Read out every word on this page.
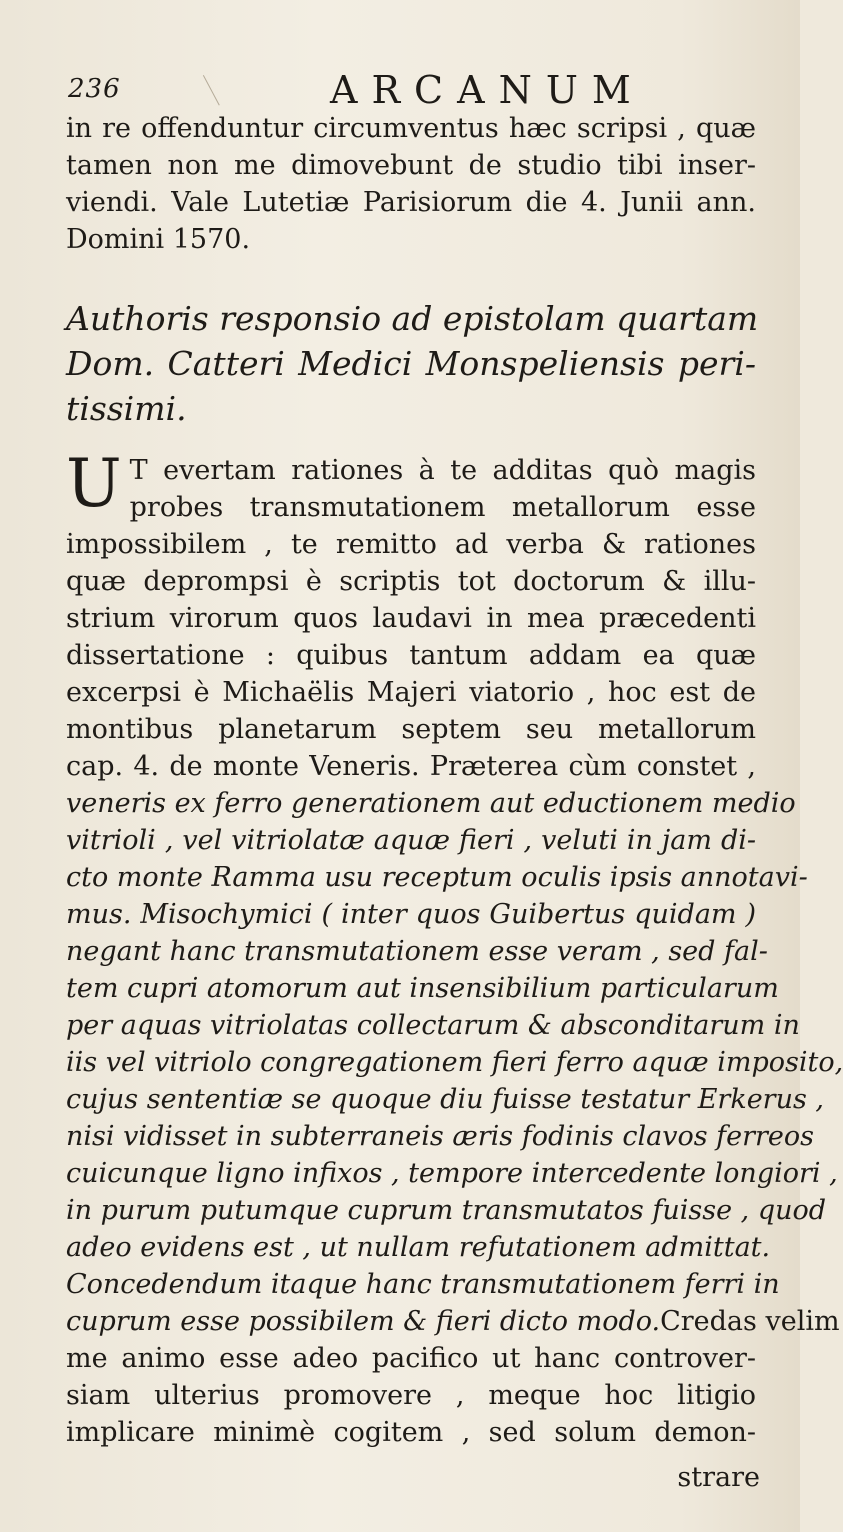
236	ARCANUM
in re offenduntur circumventus hæc scripsi , quæ
tamen non me dimovebunt de studio tibi inser-
viendi. Vale Lutetiæ Parisiorum die 4. Junii ann.
Domini 1570.
Authoris responsio ad epistolam quartam
Dom. Catteri Medici Monspeliensis peri-
tissimi.
U T evertam rationes à te additas quò magis
probes transmutationem metallorum esse
impossibilem , te remitto ad verba & rationes
quæ deprompsi è scriptis tot doctorum & illu-
strium virorum quos laudavi in mea præcedenti
dissertatione : quibus tantum addam ea quæ
excerpsi è Michaëlis Majeri viatorio , hoc est de
montibus planetarum septem seu metallorum
cap. 4. de monte Veneris. Præterea cùm constet ,
veneris ex ferro generationem aut eductionem medio
vitrioli , vel vitriolatæ aquæ fieri , veluti in jam di-
cto monte Ramma usu receptum oculis ipsis annotavi-
mus. Misochymici ( inter quos Guibertus quidam )
negant hanc transmutationem esse veram , sed fal-
tem cupri atomorum aut insensibilium particularum
per aquas vitriolatas collectarum & absconditarum in
iis vel vitriolo congregationem fieri ferro aquæ imposito,
cujus sententiæ se quoque diu fuisse testatur Erkerus ,
nisi vidisset in subterraneis æris fodinis clavos ferreos
cuicunque ligno infixos , tempore intercedente longiori ,
in purum putumque cuprum transmutatos fuisse , quod
adeo evidens est , ut nullam refutationem admittat.
Concedendum itaque hanc transmutationem ferri in
cuprum esse possibilem & fieri dicto modo.Credas velim
me animo esse adeo pacifico ut hanc controver-
siam ulterius promovere , meque hoc litigio
implicare minimè cogitem , sed solum demon-
strare
